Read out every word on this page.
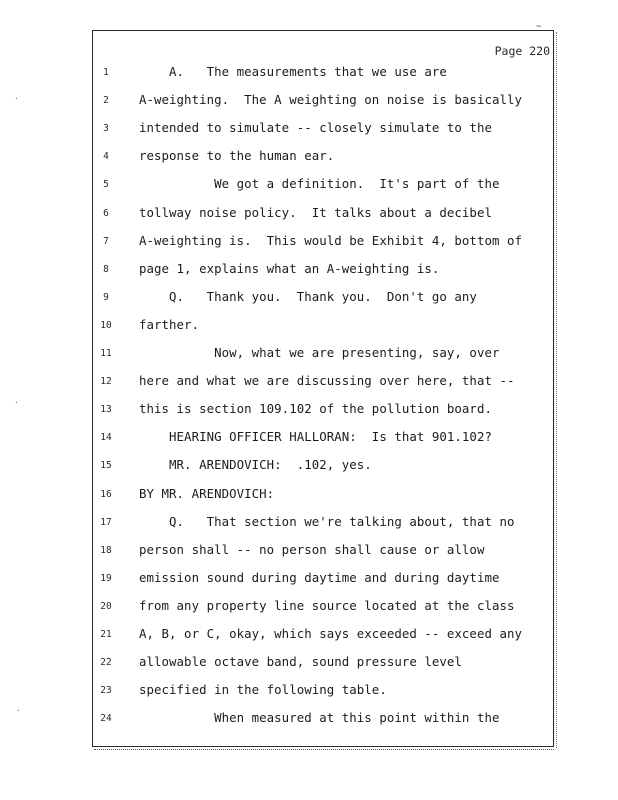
~
Page 220
1	A.   The measurements that we use are
2	A-weighting.  The A weighting on noise is basically
3	intended to simulate -- closely simulate to the
4	response to the human ear.
5	We got a definition.  It's part of the
6	tollway noise policy.  It talks about a decibel
7	A-weighting is.  This would be Exhibit 4, bottom of
8	page 1, explains what an A-weighting is.
9	Q.   Thank you.  Thank you.  Don't go any
10	farther.
11	Now, what we are presenting, say, over
12	here and what we are discussing over here, that --
13	this is section 109.102 of the pollution board.
14	HEARING OFFICER HALLORAN:  Is that 901.102?
15	MR. ARENDOVICH:  .102, yes.
16	BY MR. ARENDOVICH:
17	Q.   That section we're talking about, that no
18	person shall -- no person shall cause or allow
19	emission sound during daytime and during daytime
20	from any property line source located at the class
21	A, B, or C, okay, which says exceeded -- exceed any
22	allowable octave band, sound pressure level
23	specified in the following table.
24	When measured at this point within the
·
·
·
